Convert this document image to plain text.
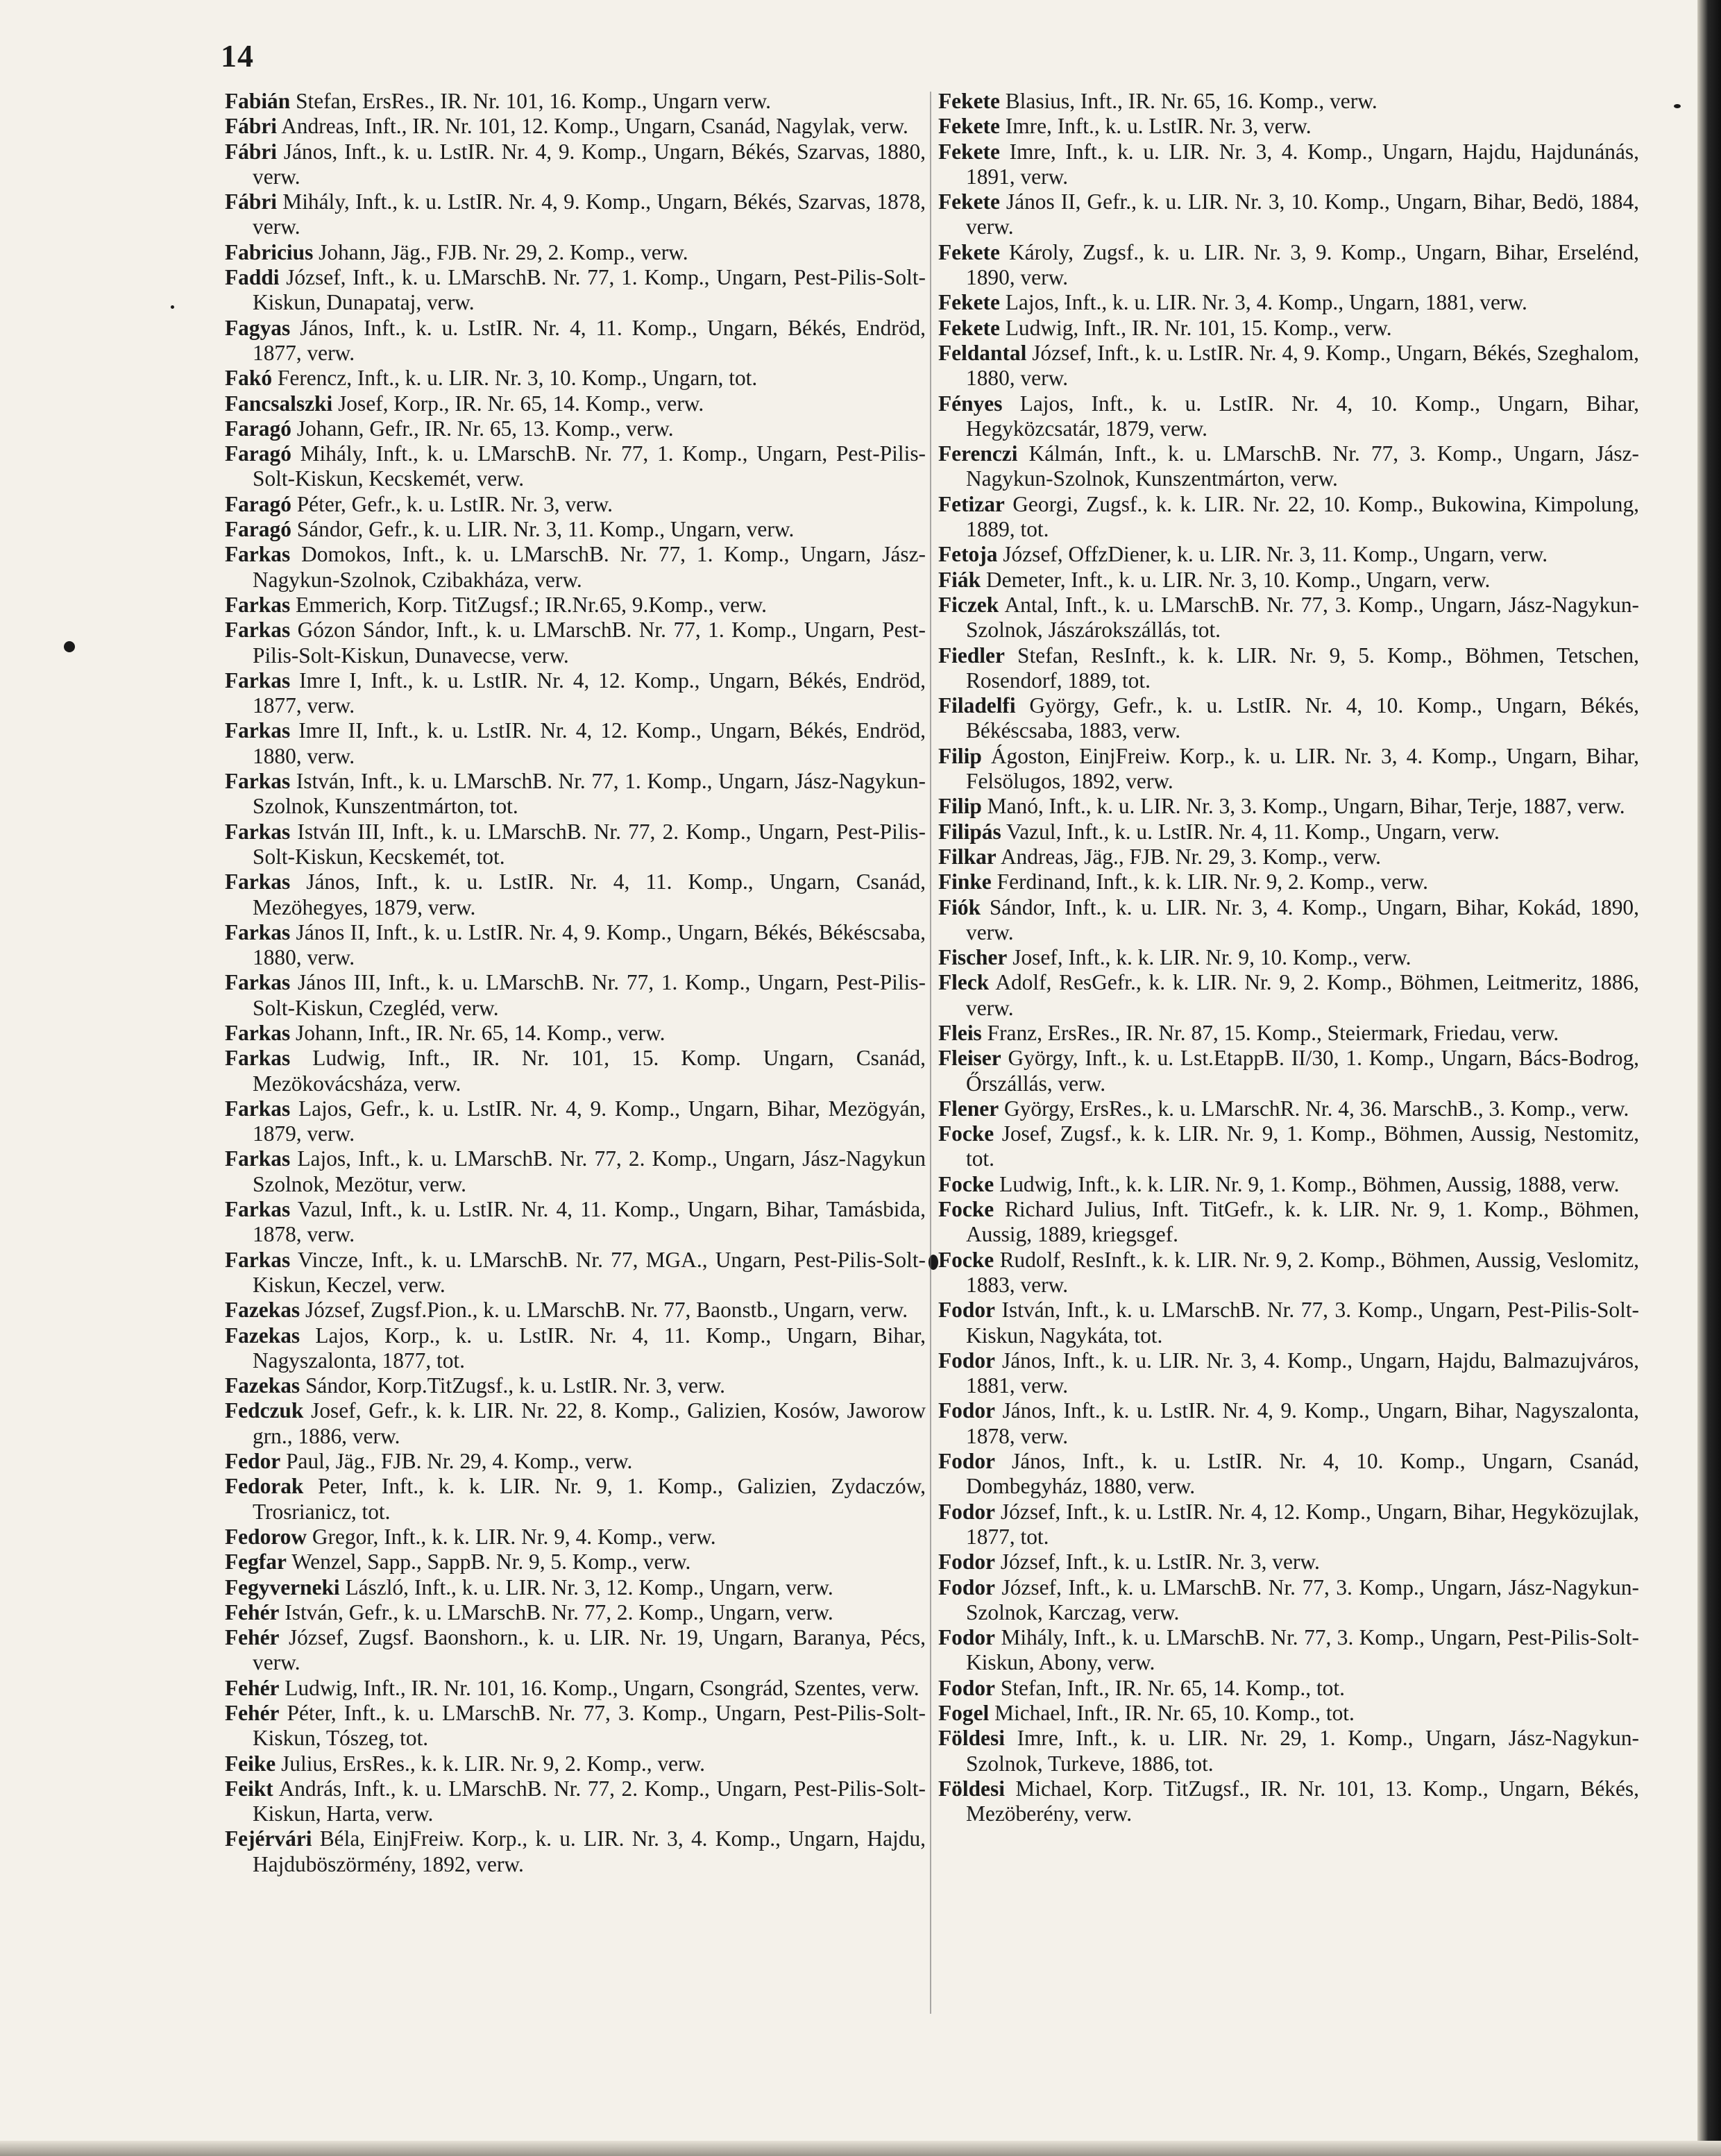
14

Fabián Stefan, ErsRes., IR. Nr. 101, 16. Komp., Ungarn verw.

Fábri Andreas, Inft., IR. Nr. 101, 12. Komp., Ungarn, Csanád, Nagylak, verw.

Fábri János, Inft., k. u. LstIR. Nr. 4, 9. Komp., Ungarn, Békés, Szarvas, 1880, verw.

Fábri Mihály, Inft., k. u. LstIR. Nr. 4, 9. Komp., Ungarn, Békés, Szarvas, 1878, verw.

Fabricius Johann, Jäg., FJB. Nr. 29, 2. Komp., verw.

Faddi József, Inft., k. u. LMarschB. Nr. 77, 1. Komp., Ungarn, Pest-Pilis-Solt-Kiskun, Dunapataj, verw.

Fagyas János, Inft., k. u. LstIR. Nr. 4, 11. Komp., Ungarn, Békés, Endröd, 1877, verw.

Fakó Ferencz, Inft., k. u. LIR. Nr. 3, 10. Komp., Ungarn, tot.

Fancsalszki Josef, Korp., IR. Nr. 65, 14. Komp., verw.

Faragó Johann, Gefr., IR. Nr. 65, 13. Komp., verw.

Faragó Mihály, Inft., k. u. LMarschB. Nr. 77, 1. Komp., Ungarn, Pest-Pilis-Solt-Kiskun, Kecskemét, verw.

Faragó Péter, Gefr., k. u. LstIR. Nr. 3, verw.

Faragó Sándor, Gefr., k. u. LIR. Nr. 3, 11. Komp., Ungarn, verw.

Farkas Domokos, Inft., k. u. LMarschB. Nr. 77, 1. Komp., Ungarn, Jász-Nagykun-Szolnok, Czibakháza, verw.

Farkas Emmerich, Korp. TitZugsf.; IR.Nr.65, 9.Komp., verw.

Farkas Gózon Sándor, Inft., k. u. LMarschB. Nr. 77, 1. Komp., Ungarn, Pest-Pilis-Solt-Kiskun, Dunavecse, verw.

Farkas Imre I, Inft., k. u. LstIR. Nr. 4, 12. Komp., Ungarn, Békés, Endröd, 1877, verw.

Farkas Imre II, Inft., k. u. LstIR. Nr. 4, 12. Komp., Ungarn, Békés, Endröd, 1880, verw.

Farkas István, Inft., k. u. LMarschB. Nr. 77, 1. Komp., Ungarn, Jász-Nagykun-Szolnok, Kunszentmárton, tot.

Farkas István III, Inft., k. u. LMarschB. Nr. 77, 2. Komp., Ungarn, Pest-Pilis-Solt-Kiskun, Kecskemét, tot.

Farkas János, Inft., k. u. LstIR. Nr. 4, 11. Komp., Ungarn, Csanád, Mezöhegyes, 1879, verw.

Farkas János II, Inft., k. u. LstIR. Nr. 4, 9. Komp., Ungarn, Békés, Békéscsaba, 1880, verw.

Farkas János III, Inft., k. u. LMarschB. Nr. 77, 1. Komp., Ungarn, Pest-Pilis-Solt-Kiskun, Czegléd, verw.

Farkas Johann, Inft., IR. Nr. 65, 14. Komp., verw.

Farkas Ludwig, Inft., IR. Nr. 101, 15. Komp. Ungarn, Csanád, Mezökovácsháza, verw.

Farkas Lajos, Gefr., k. u. LstIR. Nr. 4, 9. Komp., Ungarn, Bihar, Mezögyán, 1879, verw.

Farkas Lajos, Inft., k. u. LMarschB. Nr. 77, 2. Komp., Ungarn, Jász-Nagykun Szolnok, Mezötur, verw.

Farkas Vazul, Inft., k. u. LstIR. Nr. 4, 11. Komp., Ungarn, Bihar, Tamásbida, 1878, verw.

Farkas Vincze, Inft., k. u. LMarschB. Nr. 77, MGA., Ungarn, Pest-Pilis-Solt-Kiskun, Keczel, verw.

Fazekas József, Zugsf.Pion., k. u. LMarschB. Nr. 77, Baonstb., Ungarn, verw.

Fazekas Lajos, Korp., k. u. LstIR. Nr. 4, 11. Komp., Ungarn, Bihar, Nagyszalonta, 1877, tot.

Fazekas Sándor, Korp.TitZugsf., k. u. LstIR. Nr. 3, verw.

Fedczuk Josef, Gefr., k. k. LIR. Nr. 22, 8. Komp., Galizien, Kosów, Jaworow grn., 1886, verw.

Fedor Paul, Jäg., FJB. Nr. 29, 4. Komp., verw.

Fedorak Peter, Inft., k. k. LIR. Nr. 9, 1. Komp., Galizien, Zydaczów, Trosrianicz, tot.

Fedorow Gregor, Inft., k. k. LIR. Nr. 9, 4. Komp., verw.

Fegfar Wenzel, Sapp., SappB. Nr. 9, 5. Komp., verw.

Fegyverneki László, Inft., k. u. LIR. Nr. 3, 12. Komp., Ungarn, verw.

Fehér István, Gefr., k. u. LMarschB. Nr. 77, 2. Komp., Ungarn, verw.

Fehér József, Zugsf. Baonshorn., k. u. LIR. Nr. 19, Ungarn, Baranya, Pécs, verw.

Fehér Ludwig, Inft., IR. Nr. 101, 16. Komp., Ungarn, Csongrád, Szentes, verw.

Fehér Péter, Inft., k. u. LMarschB. Nr. 77, 3. Komp., Ungarn, Pest-Pilis-Solt-Kiskun, Tószeg, tot.

Feike Julius, ErsRes., k. k. LIR. Nr. 9, 2. Komp., verw.

Feikt András, Inft., k. u. LMarschB. Nr. 77, 2. Komp., Ungarn, Pest-Pilis-Solt-Kiskun, Harta, verw.

Fejérvári Béla, EinjFreiw. Korp., k. u. LIR. Nr. 3, 4. Komp., Ungarn, Hajdu, Hajduböszörmény, 1892, verw.

Fekete Blasius, Inft., IR. Nr. 65, 16. Komp., verw.

Fekete Imre, Inft., k. u. LstIR. Nr. 3, verw.

Fekete Imre, Inft., k. u. LIR. Nr. 3, 4. Komp., Ungarn, Hajdu, Hajdunánás, 1891, verw.

Fekete János II, Gefr., k. u. LIR. Nr. 3, 10. Komp., Ungarn, Bihar, Bedö, 1884, verw.

Fekete Károly, Zugsf., k. u. LIR. Nr. 3, 9. Komp., Ungarn, Bihar, Erselénd, 1890, verw.

Fekete Lajos, Inft., k. u. LIR. Nr. 3, 4. Komp., Ungarn, 1881, verw.

Fekete Ludwig, Inft., IR. Nr. 101, 15. Komp., verw.

Feldantal József, Inft., k. u. LstIR. Nr. 4, 9. Komp., Ungarn, Békés, Szeghalom, 1880, verw.

Fényes Lajos, Inft., k. u. LstIR. Nr. 4, 10. Komp., Ungarn, Bihar, Hegyközcsatár, 1879, verw.

Ferenczi Kálmán, Inft., k. u. LMarschB. Nr. 77, 3. Komp., Ungarn, Jász-Nagykun-Szolnok, Kunszentmárton, verw.

Fetizar Georgi, Zugsf., k. k. LIR. Nr. 22, 10. Komp., Bukowina, Kimpolung, 1889, tot.

Fetoja József, OffzDiener, k. u. LIR. Nr. 3, 11. Komp., Ungarn, verw.

Fiák Demeter, Inft., k. u. LIR. Nr. 3, 10. Komp., Ungarn, verw.

Ficzek Antal, Inft., k. u. LMarschB. Nr. 77, 3. Komp., Ungarn, Jász-Nagykun-Szolnok, Jászárokszállás, tot.

Fiedler Stefan, ResInft., k. k. LIR. Nr. 9, 5. Komp., Böhmen, Tetschen, Rosendorf, 1889, tot.

Filadelfi György, Gefr., k. u. LstIR. Nr. 4, 10. Komp., Ungarn, Békés, Békéscsaba, 1883, verw.

Filip Ágoston, EinjFreiw. Korp., k. u. LIR. Nr. 3, 4. Komp., Ungarn, Bihar, Felsölugos, 1892, verw.

Filip Manó, Inft., k. u. LIR. Nr. 3, 3. Komp., Ungarn, Bihar, Terje, 1887, verw.

Filipás Vazul, Inft., k. u. LstIR. Nr. 4, 11. Komp., Ungarn, verw.

Filkar Andreas, Jäg., FJB. Nr. 29, 3. Komp., verw.

Finke Ferdinand, Inft., k. k. LIR. Nr. 9, 2. Komp., verw.

Fiók Sándor, Inft., k. u. LIR. Nr. 3, 4. Komp., Ungarn, Bihar, Kokád, 1890, verw.

Fischer Josef, Inft., k. k. LIR. Nr. 9, 10. Komp., verw.

Fleck Adolf, ResGefr., k. k. LIR. Nr. 9, 2. Komp., Böhmen, Leitmeritz, 1886, verw.

Fleis Franz, ErsRes., IR. Nr. 87, 15. Komp., Steiermark, Friedau, verw.

Fleiser György, Inft., k. u. Lst.EtappB. II/30, 1. Komp., Ungarn, Bács-Bodrog, Őrszállás, verw.

Flener György, ErsRes., k. u. LMarschR. Nr. 4, 36. MarschB., 3. Komp., verw.

Focke Josef, Zugsf., k. k. LIR. Nr. 9, 1. Komp., Böhmen, Aussig, Nestomitz, tot.

Focke Ludwig, Inft., k. k. LIR. Nr. 9, 1. Komp., Böhmen, Aussig, 1888, verw.

Focke Richard Julius, Inft. TitGefr., k. k. LIR. Nr. 9, 1. Komp., Böhmen, Aussig, 1889, kriegsgef.

Focke Rudolf, ResInft., k. k. LIR. Nr. 9, 2. Komp., Böhmen, Aussig, Veslomitz, 1883, verw.

Fodor István, Inft., k. u. LMarschB. Nr. 77, 3. Komp., Ungarn, Pest-Pilis-Solt-Kiskun, Nagykáta, tot.

Fodor János, Inft., k. u. LIR. Nr. 3, 4. Komp., Ungarn, Hajdu, Balmazujváros, 1881, verw.

Fodor János, Inft., k. u. LstIR. Nr. 4, 9. Komp., Ungarn, Bihar, Nagyszalonta, 1878, verw.

Fodor János, Inft., k. u. LstIR. Nr. 4, 10. Komp., Ungarn, Csanád, Dombegyház, 1880, verw.

Fodor József, Inft., k. u. LstIR. Nr. 4, 12. Komp., Ungarn, Bihar, Hegyközujlak, 1877, tot.

Fodor József, Inft., k. u. LstIR. Nr. 3, verw.

Fodor József, Inft., k. u. LMarschB. Nr. 77, 3. Komp., Ungarn, Jász-Nagykun-Szolnok, Karczag, verw.

Fodor Mihály, Inft., k. u. LMarschB. Nr. 77, 3. Komp., Ungarn, Pest-Pilis-Solt-Kiskun, Abony, verw.

Fodor Stefan, Inft., IR. Nr. 65, 14. Komp., tot.

Fogel Michael, Inft., IR. Nr. 65, 10. Komp., tot.

Földesi Imre, Inft., k. u. LIR. Nr. 29, 1. Komp., Ungarn, Jász-Nagykun-Szolnok, Turkeve, 1886, tot.

Földesi Michael, Korp. TitZugsf., IR. Nr. 101, 13. Komp., Ungarn, Békés, Mezöberény, verw.
